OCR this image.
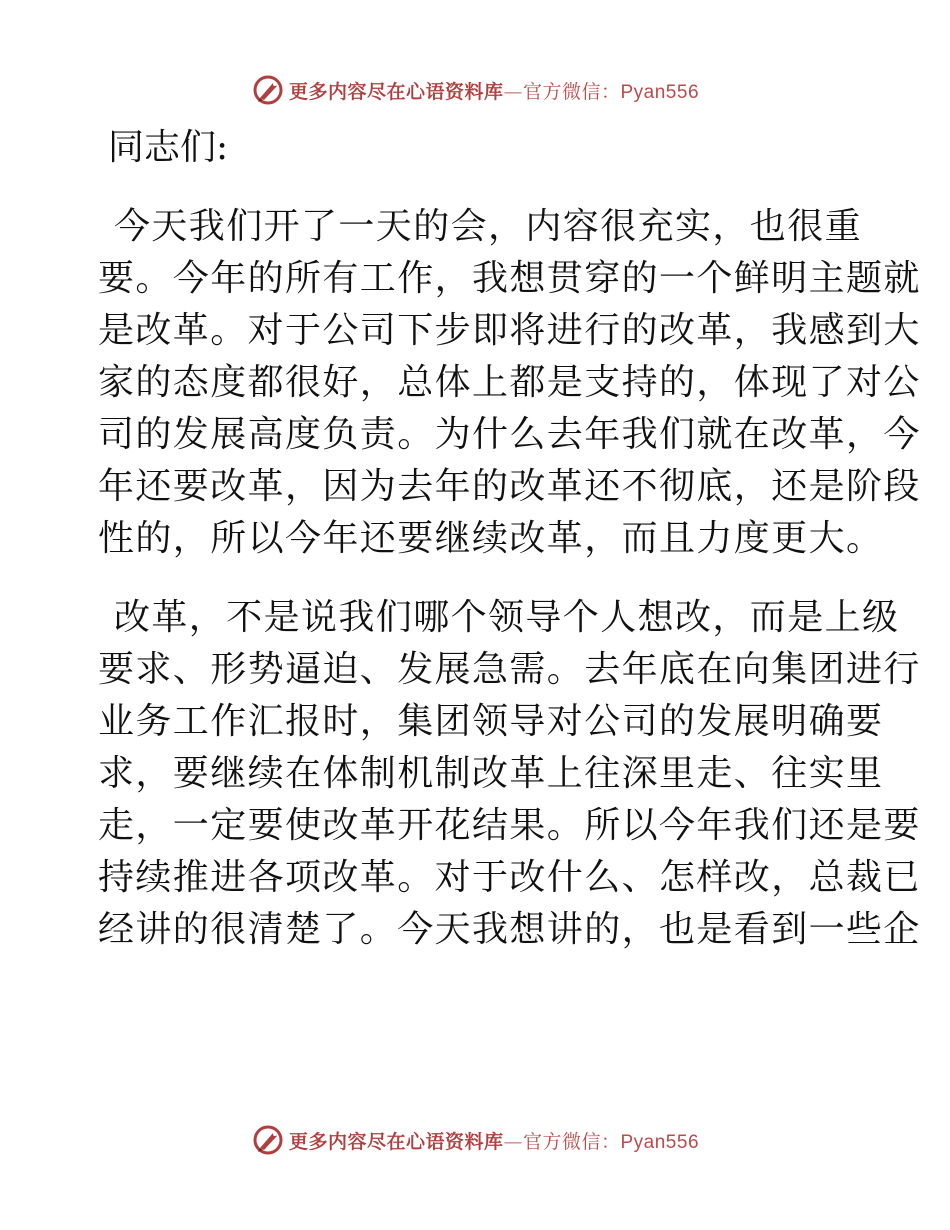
更多内容尽在心语资料库—官方微信：Pyan556
同志们:
今天我们开了一天的会，内容很充实，也很重
要。今年的所有工作，我想贯穿的一个鲜明主题就
是改革。对于公司下步即将进行的改革，我感到大
家的态度都很好，总体上都是支持的，体现了对公
司的发展高度负责。为什么去年我们就在改革，今
年还要改革，因为去年的改革还不彻底，还是阶段
性的，所以今年还要继续改革，而且力度更大。
改革，不是说我们哪个领导个人想改，而是上级
要求、形势逼迫、发展急需。去年底在向集团进行
业务工作汇报时，集团领导对公司的发展明确要
求，要继续在体制机制改革上往深里走、往实里
走，一定要使改革开花结果。所以今年我们还是要
持续推进各项改革。对于改什么、怎样改，总裁已
经讲的很清楚了。今天我想讲的，也是看到一些企
更多内容尽在心语资料库—官方微信：Pyan556
